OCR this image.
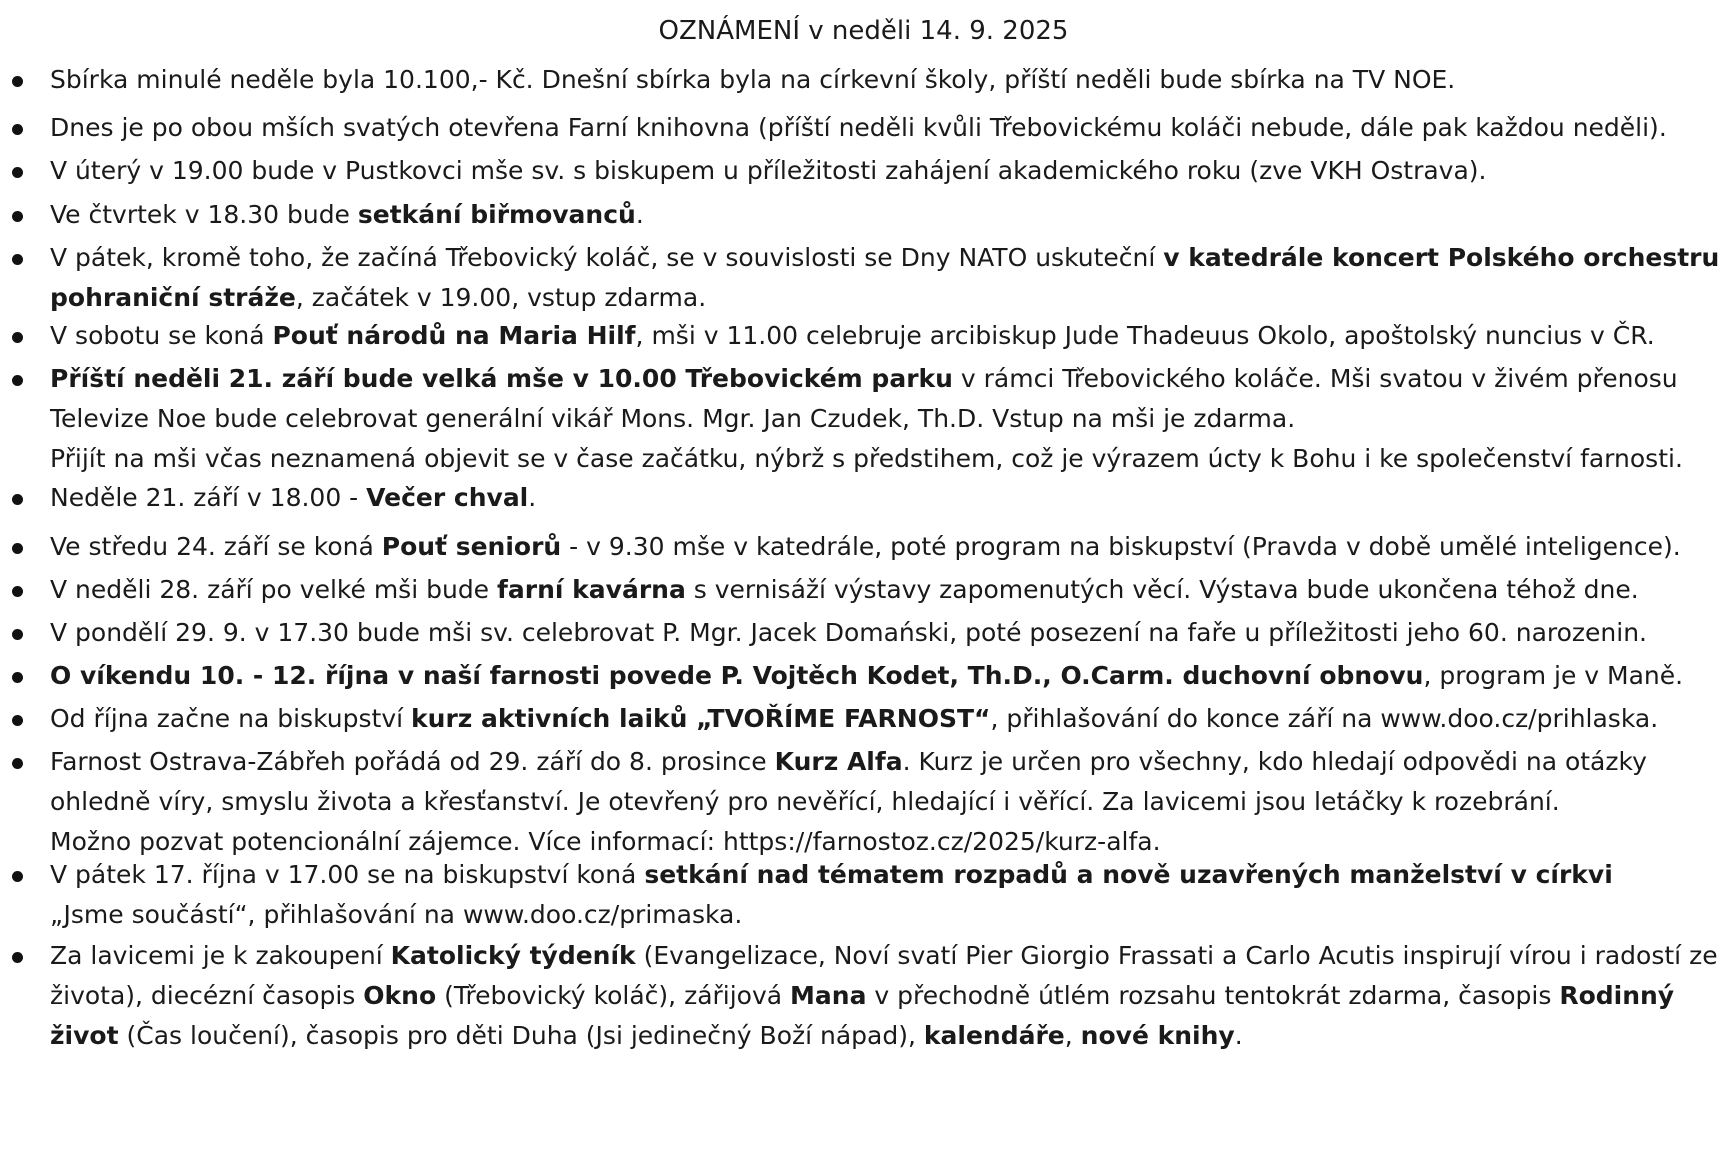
OZNÁMENÍ v neděli 14. 9. 2025
Sbírka minulé neděle byla 10.100,- Kč. Dnešní sbírka byla na církevní školy, příští neděli bude sbírka na TV NOE.
Dnes je po obou mších svatých otevřena Farní knihovna (příští neděli kvůli Třebovickému koláči nebude, dále pak každou neděli).
V úterý v 19.00 bude v Pustkovci mše sv. s biskupem u příležitosti zahájení akademického roku (zve VKH Ostrava).
Ve čtvrtek v 18.30 bude setkání biřmovanců.
V pátek, kromě toho, že začíná Třebovický koláč, se v souvislosti se Dny NATO uskuteční v katedrále koncert Polského orchestru
pohraniční stráže, začátek v 19.00, vstup zdarma.
V sobotu se koná Pouť národů na Maria Hilf, mši v 11.00 celebruje arcibiskup Jude Thadeuus Okolo, apoštolský nuncius v ČR.
Příští neděli 21. září bude velká mše v 10.00 Třebovickém parku v rámci Třebovického koláče. Mši svatou v živém přenosu
Televize Noe bude celebrovat generální vikář Mons. Mgr. Jan Czudek, Th.D. Vstup na mši je zdarma.
Přijít na mši včas neznamená objevit se v čase začátku, nýbrž s předstihem, což je výrazem úcty k Bohu i ke společenství farnosti.
Neděle 21. září v 18.00 - Večer chval.
Ve středu 24. září se koná Pouť seniorů - v 9.30 mše v katedrále, poté program na biskupství (Pravda v době umělé inteligence).
V neděli 28. září po velké mši bude farní kavárna s vernisáží výstavy zapomenutých věcí. Výstava bude ukončena téhož dne.
V pondělí 29. 9. v 17.30 bude mši sv. celebrovat P. Mgr. Jacek Domański, poté posezení na faře u příležitosti jeho 60. narozenin.
O víkendu 10. - 12. října v naší farnosti povede P. Vojtěch Kodet, Th.D., O.Carm. duchovní obnovu, program je v Maně.
Od října začne na biskupství kurz aktivních laiků „TVOŘÍME FARNOST“, přihlašování do konce září na www.doo.cz/prihlaska.
Farnost Ostrava-Zábřeh pořádá od 29. září do 8. prosince Kurz Alfa. Kurz je určen pro všechny, kdo hledají odpovědi na otázky
ohledně víry, smyslu života a křesťanství. Je otevřený pro nevěřící, hledající i věřící. Za lavicemi jsou letáčky k rozebrání.
Možno pozvat potencionální zájemce. Více informací: https://farnostoz.cz/2025/kurz-alfa.
V pátek 17. října v 17.00 se na biskupství koná setkání nad tématem rozpadů a nově uzavřených manželství v církvi
„Jsme součástí“, přihlašování na www.doo.cz/primaska.
Za lavicemi je k zakoupení Katolický týdeník (Evangelizace, Noví svatí Pier Giorgio Frassati a Carlo Acutis inspirují vírou i radostí ze
života), diecézní časopis Okno (Třebovický koláč), zářijová Mana v přechodně útlém rozsahu tentokrát zdarma, časopis Rodinný
život (Čas loučení), časopis pro děti Duha (Jsi jedinečný Boží nápad), kalendáře, nové knihy.
